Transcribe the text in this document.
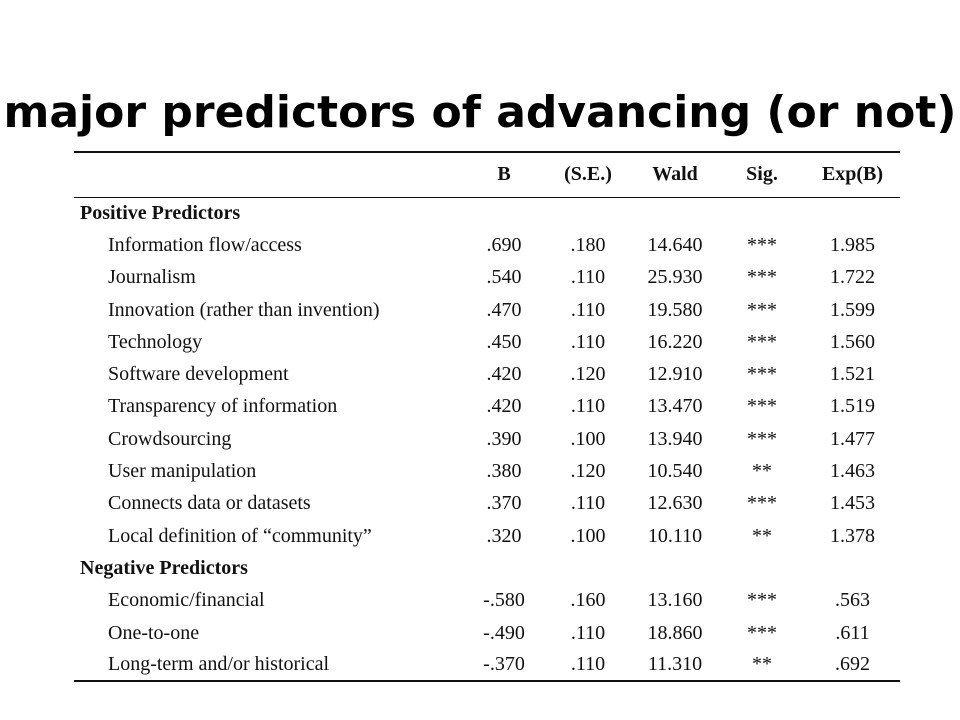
major predictors of advancing (or not)
	B	(S.E.)	Wald	Sig.	Exp(B)
Positive Predictors					
Information flow/access	.690	.180	14.640	***	1.985
Journalism	.540	.110	25.930	***	1.722
Innovation (rather than invention)	.470	.110	19.580	***	1.599
Technology	.450	.110	16.220	***	1.560
Software development	.420	.120	12.910	***	1.521
Transparency of information	.420	.110	13.470	***	1.519
Crowdsourcing	.390	.100	13.940	***	1.477
User manipulation	.380	.120	10.540	**	1.463
Connects data or datasets	.370	.110	12.630	***	1.453
Local definition of “community”	.320	.100	10.110	**	1.378
Negative Predictors					
Economic/financial	-.580	.160	13.160	***	.563
One-to-one	-.490	.110	18.860	***	.611
Long-term and/or historical	-.370	.110	11.310	**	.692
